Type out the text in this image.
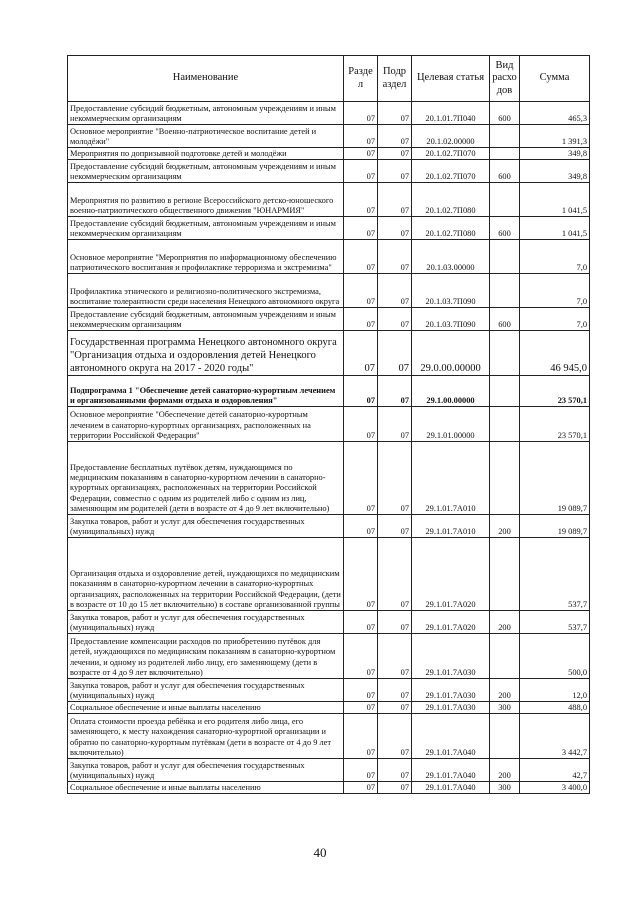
Наименование	Разде л	Подр аздел	Целевая статья	Вид расхо дов	Сумма
Предоставление субсидий бюджетным, автономным учреждениям и иным некоммерческим организациям	07	07	20.1.01.7П040	600	465,3
Основное мероприятие "Военно-патриотическое воспитание детей и молодёжи"	07	07	20.1.02.00000		1 391,3
Мероприятия по допризывной подготовке детей и молодёжи	07	07	20.1.02.7П070		349,8
Предоставление субсидий бюджетным, автономным учреждениям и иным некоммерческим организациям	07	07	20.1.02.7П070	600	349,8
Мероприятия по развитию в регионе Всероссийского детско-юношеского военно-патриотического общественного движения "ЮНАРМИЯ"	07	07	20.1.02.7П080		1 041,5
Предоставление субсидий бюджетным, автономным учреждениям и иным некоммерческим организациям	07	07	20.1.02.7П080	600	1 041,5
Основное мероприятие "Мероприятия по информационному обеспечению патриотического воспитания и профилактике терроризма и экстремизма"	07	07	20.1.03.00000		7,0
Профилактика этнического и религиозно-политического экстремизма, воспитание толерантности среди населения Ненецкого автономного округа	07	07	20.1.03.7П090		7,0
Предоставление субсидий бюджетным, автономным учреждениям и иным некоммерческим организациям	07	07	20.1.03.7П090	600	7,0
Государственная программа Ненецкого автономного округа "Организация отдыха и оздоровления детей Ненецкого автономного округа на 2017 - 2020 годы"	07	07	29.0.00.00000		46 945,0
Подпрограмма 1 "Обеспечение детей санаторно-курортным лечением и организованными формами отдыха и оздоровления"	07	07	29.1.00.00000		23 570,1
Основное мероприятие "Обеспечение детей санаторно-курортным лечением в санаторно-курортных организациях, расположенных на территории Российской Федерации"	07	07	29.1.01.00000		23 570,1
Предоставление бесплатных путёвок детям, нуждающимся по медицинским показаниям в санаторно-курортном лечении в санаторно-курортных организациях, расположенных на территории Российской Федерации, совместно с одним из родителей либо с одним из лиц, заменяющим им родителей (дети в возрасте от 4 до 9 лет включительно)	07	07	29.1.01.7А010		19 089,7
Закупка товаров, работ и услуг для обеспечения государственных (муниципальных) нужд	07	07	29.1.01.7А010	200	19 089,7
Организация отдыха и оздоровление детей, нуждающихся по медицинским показаниям в санаторно-курортном лечении в санаторно-курортных организациях, расположенных на территории Российской Федерации, (дети в возрасте от 10 до 15 лет включительно) в составе организованной группы	07	07	29.1.01.7А020		537,7
Закупка товаров, работ и услуг для обеспечения государственных (муниципальных) нужд	07	07	29.1.01.7А020	200	537,7
Предоставление компенсации расходов по приобретению путёвок для детей, нуждающихся по медицинским показаниям в санаторно-курортном лечении, и одному из родителей либо лицу, его заменяющему (дети в возрасте от 4 до 9 лет включительно)	07	07	29.1.01.7А030		500,0
Закупка товаров, работ и услуг для обеспечения государственных (муниципальных) нужд	07	07	29.1.01.7А030	200	12,0
Социальное обеспечение и иные выплаты населению	07	07	29.1.01.7А030	300	488,0
Оплата стоимости проезда ребёнка и его родителя либо лица, его заменяющего, к месту нахождения санаторно-курортной организации и обратно по санаторно-курортным путёвкам (дети в возрасте от 4 до 9 лет включительно)	07	07	29.1.01.7А040		3 442,7
Закупка товаров, работ и услуг для обеспечения государственных (муниципальных) нужд	07	07	29.1.01.7А040	200	42,7
Социальное обеспечение и иные выплаты населению	07	07	29.1.01.7А040	300	3 400,0
40
